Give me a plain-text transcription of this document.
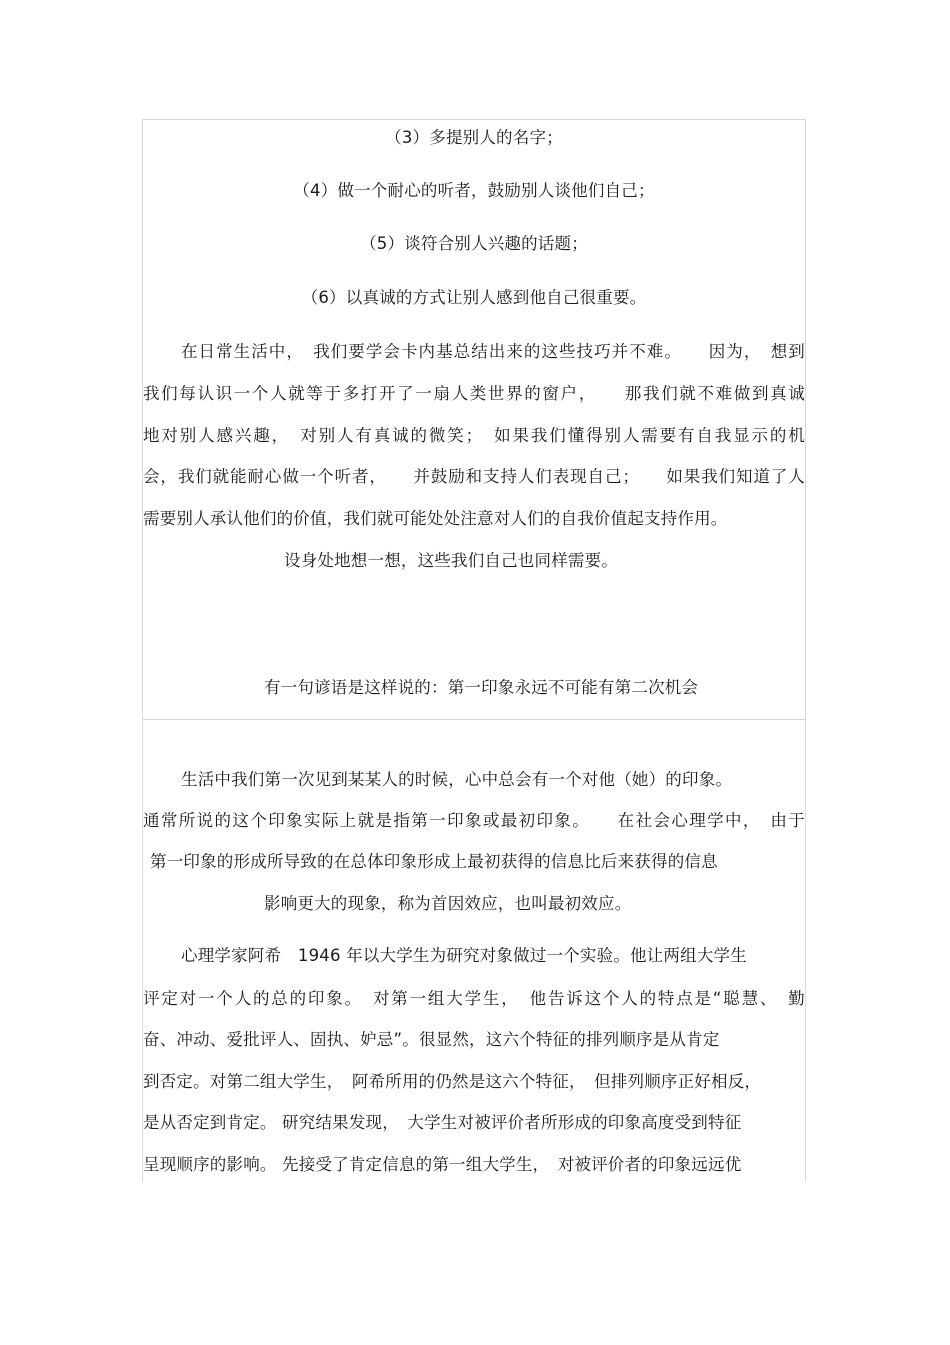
（3）多提别人的名字；
（4）做一个耐心的听者，鼓励别人谈他们自己；
（5）谈符合别人兴趣的话题；
（6）以真诚的方式让别人感到他自己很重要。
在日常生活中，　我们要学会卡内基总结出来的这些技巧并不难。　　因为，　想到
我们每认识一个人就等于多打开了一扇人类世界的窗户，　　那我们就不难做到真诚
地对别人感兴趣，　对别人有真诚的微笑；　如果我们懂得别人需要有自我显示的机
会，我们就能耐心做一个听者，　　并鼓励和支持人们表现自己；　　如果我们知道了人
需要别人承认他们的价值，我们就可能处处注意对人们的自我价值起支持作用。
设身处地想一想，这些我们自己也同样需要。
有一句谚语是这样说的：第一印象永远不可能有第二次机会
生活中我们第一次见到某某人的时候，心中总会有一个对他（她）的印象。
通常所说的这个印象实际上就是指第一印象或最初印象。　　在社会心理学中，　由于
第一印象的形成所导致的在总体印象形成上最初获得的信息比后来获得的信息
影响更大的现象，称为首因效应，也叫最初效应。
心理学家阿希　1946 年以大学生为研究对象做过一个实验。他让两组大学生
评定对一个人的总的印象。　对第一组大学生，　他告诉这个人的特点是“聪慧、　勤
奋、冲动、爱批评人、固执、妒忌”。很显然，这六个特征的排列顺序是从肯定
到否定。对第二组大学生，　阿希所用的仍然是这六个特征，　但排列顺序正好相反，
是从否定到肯定。 研究结果发现，　大学生对被评价者所形成的印象高度受到特征
呈现顺序的影响。 先接受了肯定信息的第一组大学生，　对被评价者的印象远远优
